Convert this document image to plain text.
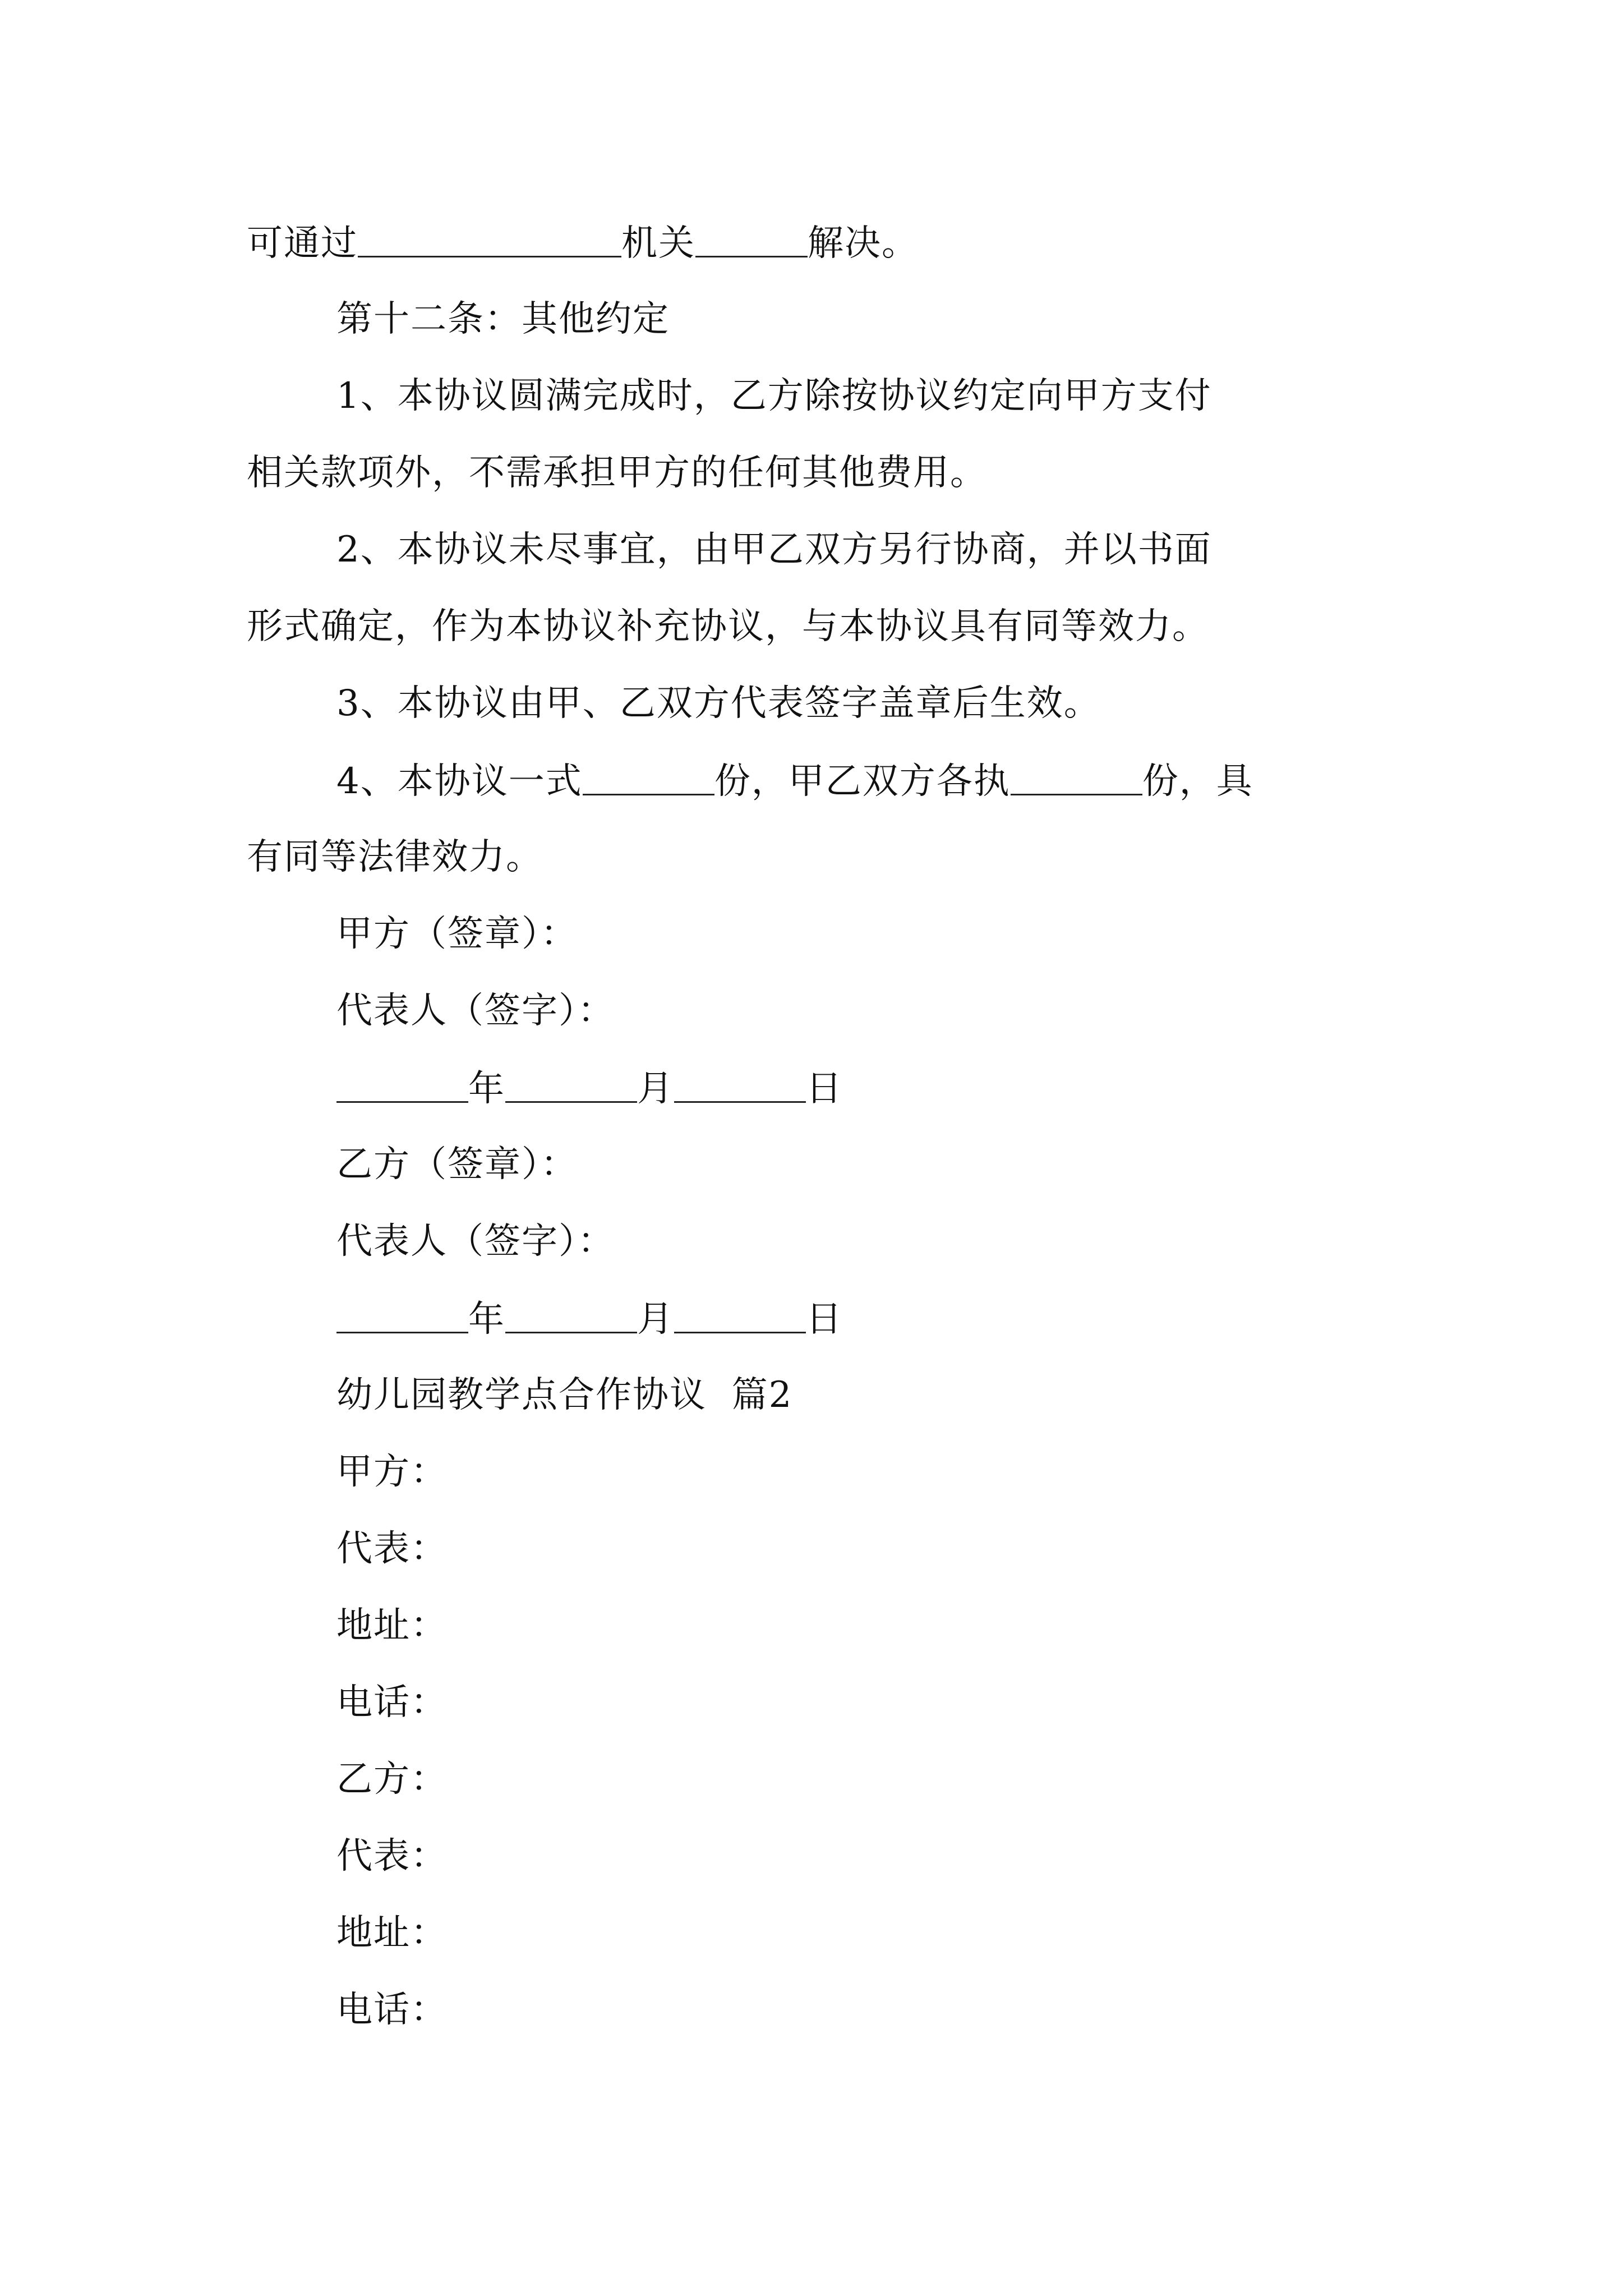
可通过	机关	解决。
第十二条：其他约定
1、本协议圆满完成时，乙方除按协议约定向甲方支付
相关款项外，不需承担甲方的任何其他费用。
2、本协议未尽事宜，由甲乙双方另行协商，并以书面
形式确定，作为本协议补充协议，与本协议具有同等效力。
3、本协议由甲、乙双方代表签字盖章后生效。
4、本协议一式	份，甲乙双方各执	份，具
有同等法律效力。
甲方（签章）：
代表人（签字）：
年	月	日
乙方（签章）：
代表人（签字）：
年	月	日
幼儿园教学点合作协议  篇2
甲方：
代表：
地址：
电话：
乙方：
代表：
地址：
电话：
